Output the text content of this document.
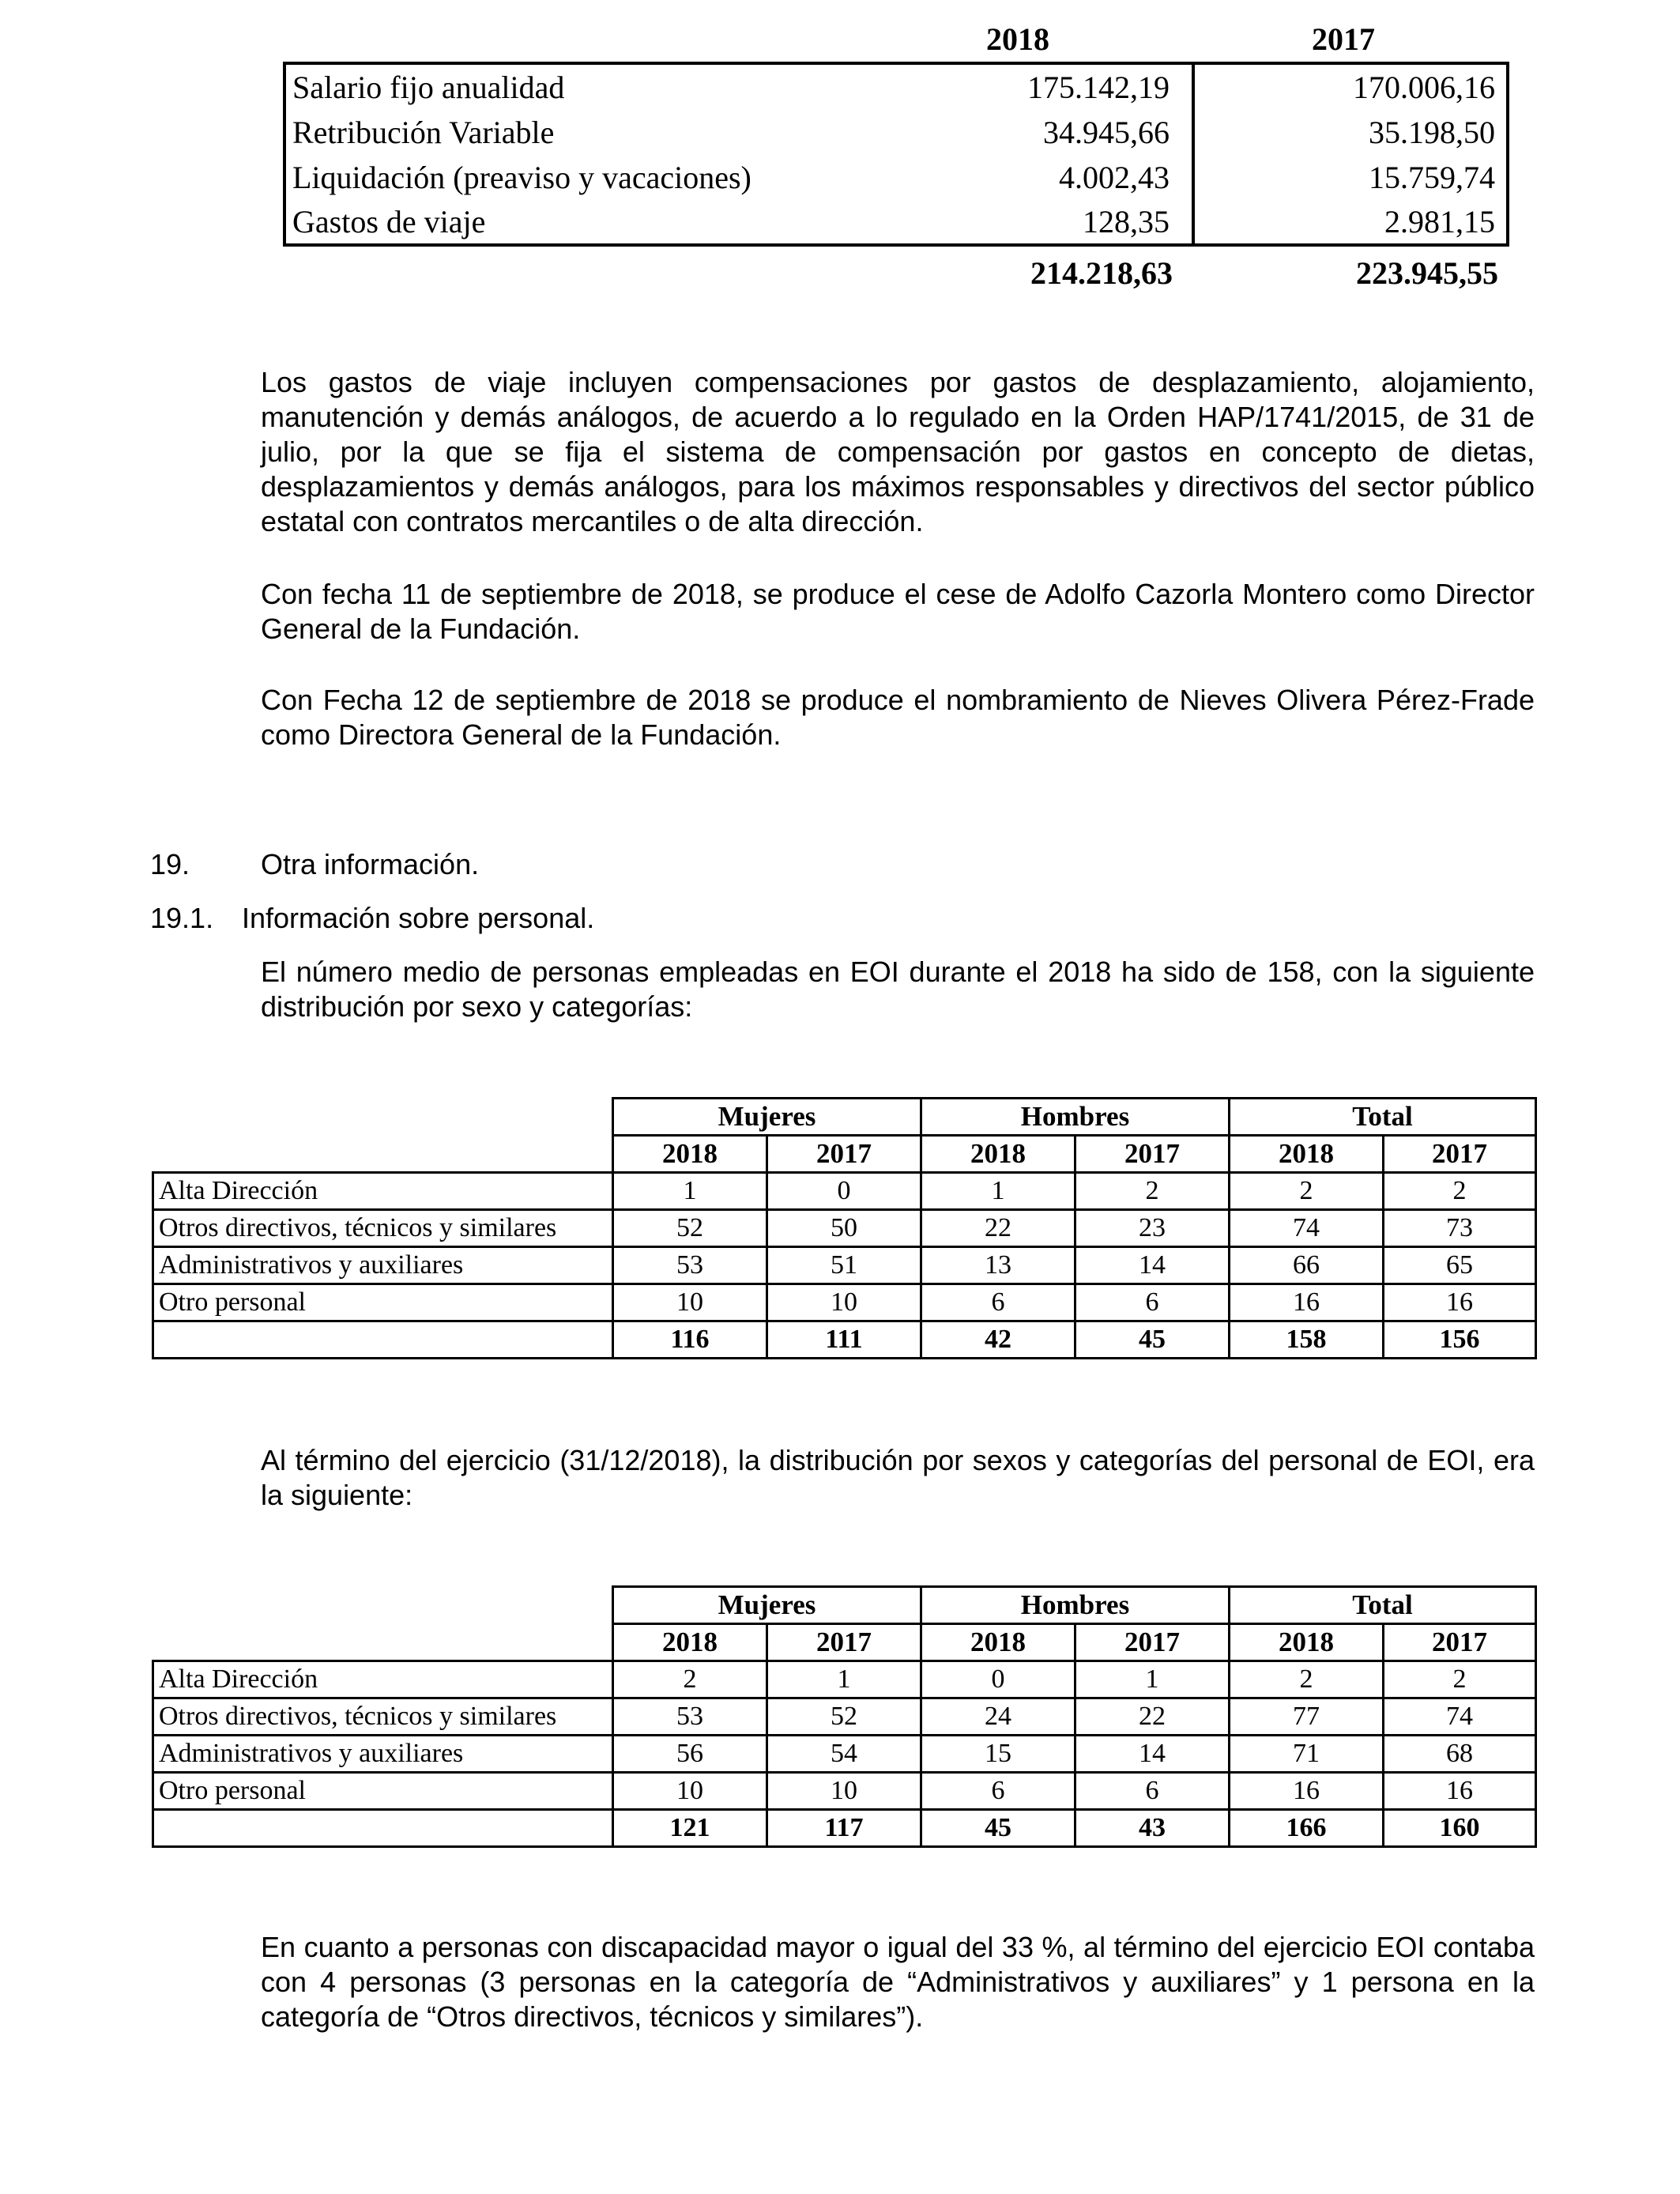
2018	2017
Salario fijo anualidad	175.142,19	170.006,16
Retribución Variable	34.945,66	35.198,50
Liquidación (preaviso y vacaciones)	4.002,43	15.759,74
Gastos de viaje	128,35	2.981,15
214.218,63	223.945,55

Los gastos de viaje incluyen compensaciones por gastos de desplazamiento, alojamiento, manutención y demás análogos, de acuerdo a lo regulado en la Orden HAP/1741/2015, de 31 de julio, por la que se fija el sistema de compensación por gastos en concepto de dietas, desplazamientos y demás análogos, para los máximos responsables y directivos del sector público estatal con contratos mercantiles o de alta dirección.

Con fecha 11 de septiembre de 2018, se produce el cese de Adolfo Cazorla Montero como Director General de la Fundación.

Con Fecha 12 de septiembre de 2018 se produce el nombramiento de Nieves Olivera Pérez-Frade como Directora General de la Fundación.

19. Otra información.

19.1. Información sobre personal.

El número medio de personas empleadas en EOI durante el 2018 ha sido de 158, con la siguiente distribución por sexo y categorías:

	Mujeres		Hombres		Total	
	2018	2017	2018	2017	2018	2017
Alta Dirección	1	0	1	2	2	2
Otros directivos, técnicos y similares	52	50	22	23	74	73
Administrativos y auxiliares	53	51	13	14	66	65
Otro personal	10	10	6	6	16	16
	116	111	42	45	158	156

Al término del ejercicio (31/12/2018), la distribución por sexos y categorías del personal de EOI, era la siguiente:

	Mujeres		Hombres		Total	
	2018	2017	2018	2017	2018	2017
Alta Dirección	2	1	0	1	2	2
Otros directivos, técnicos y similares	53	52	24	22	77	74
Administrativos y auxiliares	56	54	15	14	71	68
Otro personal	10	10	6	6	16	16
	121	117	45	43	166	160

En cuanto a personas con discapacidad mayor o igual del 33 %, al término del ejercicio EOI contaba con 4 personas (3 personas en la categoría de “Administrativos y auxiliares” y 1 persona en la categoría de “Otros directivos, técnicos y similares”).
